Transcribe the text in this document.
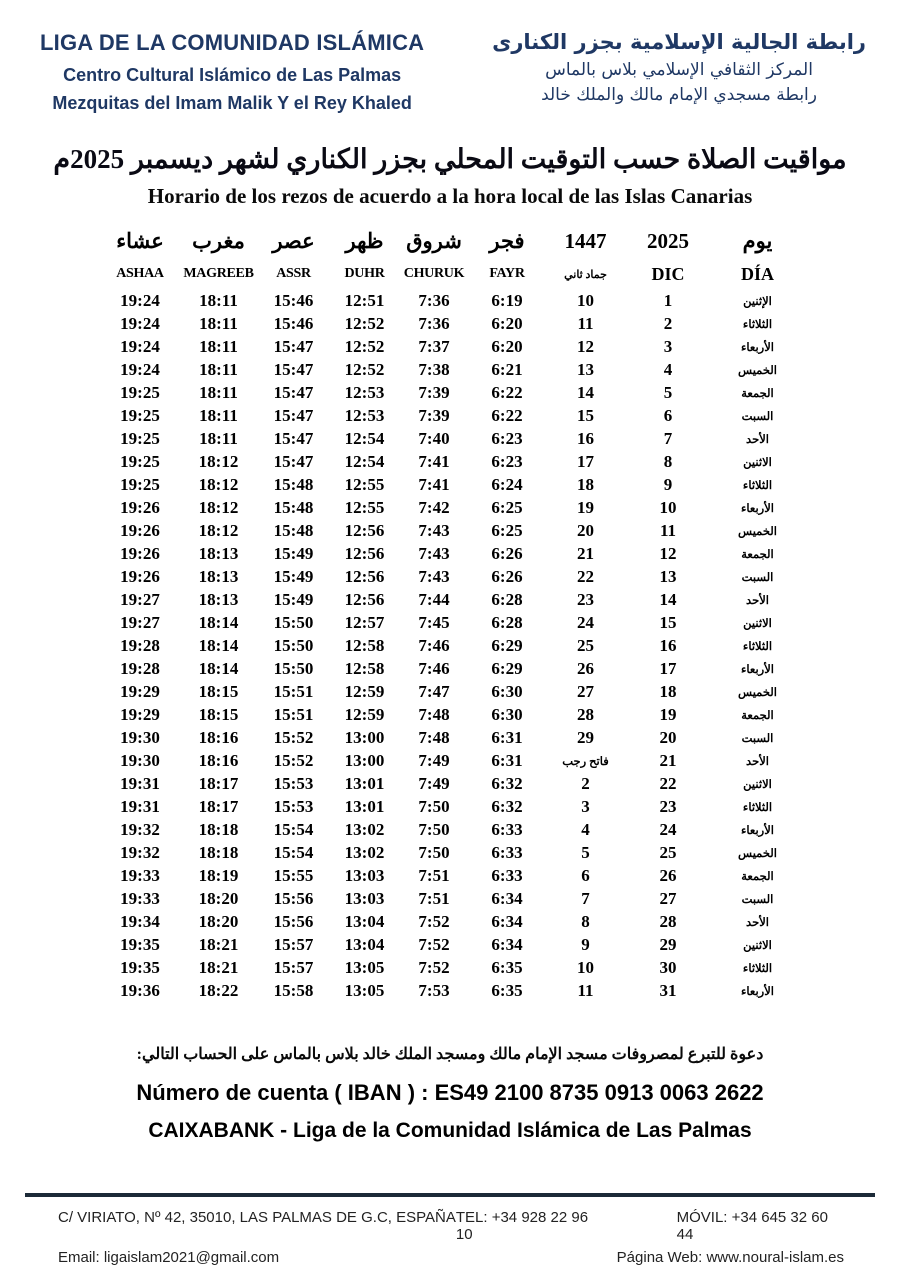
LIGA DE LA COMUNIDAD ISLÁMICA
Centro Cultural Islámico de Las Palmas
Mezquitas del Imam Malik Y el Rey Khaled
رابطة الجالية الإسلامية بجزر الكنارى
المركز الثقافي الإسلامي بلاس بالماس
رابطة مسجدي الإمام مالك والملك خالد
مواقيت الصلاة حسب التوقيت المحلي بجزر الكناري لشهر ديسمبر 2025م
Horario de los rezos de acuerdo a la hora local de las Islas Canarias
عشاء	مغرب	عصر	ظهر	شروق	فجر	1447	2025	يوم
ASHAA	MAGREEB	ASSR	DUHR	CHURUK	FAYR	جماد ثاني	DIC	DÍA
19:24	18:11	15:46	12:51	7:36	6:19	10	1	الإثنين
19:24	18:11	15:46	12:52	7:36	6:20	11	2	الثلاثاء
19:24	18:11	15:47	12:52	7:37	6:20	12	3	الأربعاء
19:24	18:11	15:47	12:52	7:38	6:21	13	4	الخميس
19:25	18:11	15:47	12:53	7:39	6:22	14	5	الجمعة
19:25	18:11	15:47	12:53	7:39	6:22	15	6	السبت
19:25	18:11	15:47	12:54	7:40	6:23	16	7	الأحد
19:25	18:12	15:47	12:54	7:41	6:23	17	8	الاثنين
19:25	18:12	15:48	12:55	7:41	6:24	18	9	الثلاثاء
19:26	18:12	15:48	12:55	7:42	6:25	19	10	الأربعاء
19:26	18:12	15:48	12:56	7:43	6:25	20	11	الخميس
19:26	18:13	15:49	12:56	7:43	6:26	21	12	الجمعة
19:26	18:13	15:49	12:56	7:43	6:26	22	13	السبت
19:27	18:13	15:49	12:56	7:44	6:28	23	14	الأحد
19:27	18:14	15:50	12:57	7:45	6:28	24	15	الاثنين
19:28	18:14	15:50	12:58	7:46	6:29	25	16	الثلاثاء
19:28	18:14	15:50	12:58	7:46	6:29	26	17	الأربعاء
19:29	18:15	15:51	12:59	7:47	6:30	27	18	الخميس
19:29	18:15	15:51	12:59	7:48	6:30	28	19	الجمعة
19:30	18:16	15:52	13:00	7:48	6:31	29	20	السبت
19:30	18:16	15:52	13:00	7:49	6:31	فاتح رجب	21	الأحد
19:31	18:17	15:53	13:01	7:49	6:32	2	22	الاثنين
19:31	18:17	15:53	13:01	7:50	6:32	3	23	الثلاثاء
19:32	18:18	15:54	13:02	7:50	6:33	4	24	الأربعاء
19:32	18:18	15:54	13:02	7:50	6:33	5	25	الخميس
19:33	18:19	15:55	13:03	7:51	6:33	6	26	الجمعة
19:33	18:20	15:56	13:03	7:51	6:34	7	27	السبت
19:34	18:20	15:56	13:04	7:52	6:34	8	28	الأحد
19:35	18:21	15:57	13:04	7:52	6:34	9	29	الاثنين
19:35	18:21	15:57	13:05	7:52	6:35	10	30	الثلاثاء
19:36	18:22	15:58	13:05	7:53	6:35	11	31	الأربعاء
دعوة للتبرع لمصروفات مسجد الإمام مالك ومسجد الملك خالد بلاس بالماس على الحساب التالي:
Número de cuenta ( IBAN ) : ES49 2100 8735 0913 0063 2622
CAIXABANK - Liga de la Comunidad Islámica de Las Palmas
C/ VIRIATO, Nº 42, 35010, LAS PALMAS DE G.C, ESPAÑA TEL: +34 928 22 96 10
MÓVIL: +34 645 32 60 44
Email: ligaislam2021@gmail.com	Página Web: www.noural-islam.es
